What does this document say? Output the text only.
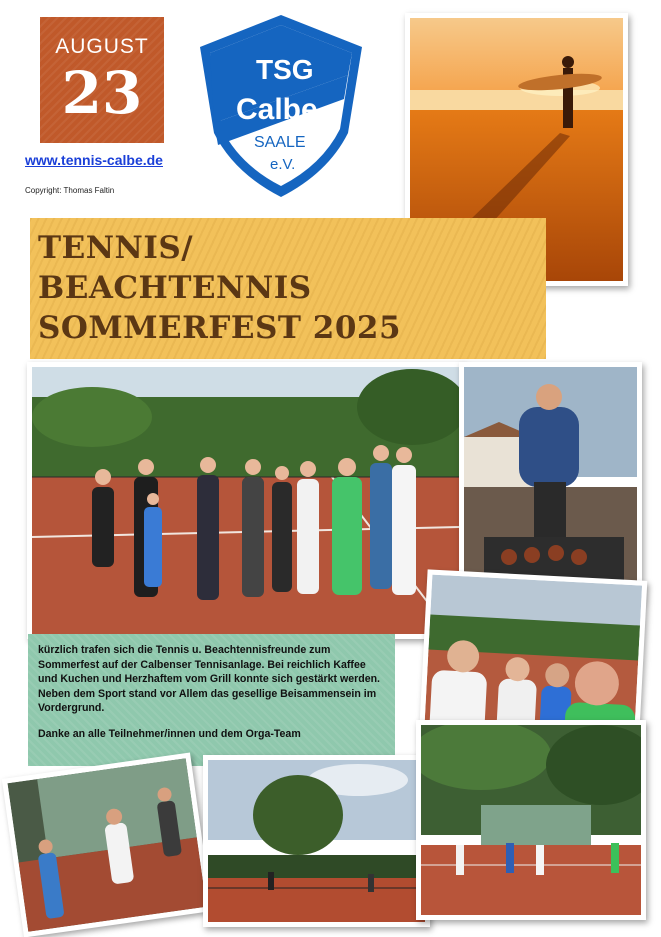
AUGUST
23
www.tennis-calbe.de
Copyright: Thomas Faltin
TSG
Calbe
SAALE
e.V.
TENNIS/
BEACHTENNIS
SOMMERFEST 2025
kürzlich trafen sich die Tennis u. Beachtennisfreunde zum Sommerfest auf der Calbenser Tennisanlage. Bei reichlich Kaffee und Kuchen und Herzhaftem vom Grill konnte sich gestärkt werden. Neben dem Sport stand vor Allem das gesellige Beisammensein im Vordergrund.
Danke an alle Teilnehmer/innen und dem Orga-Team
